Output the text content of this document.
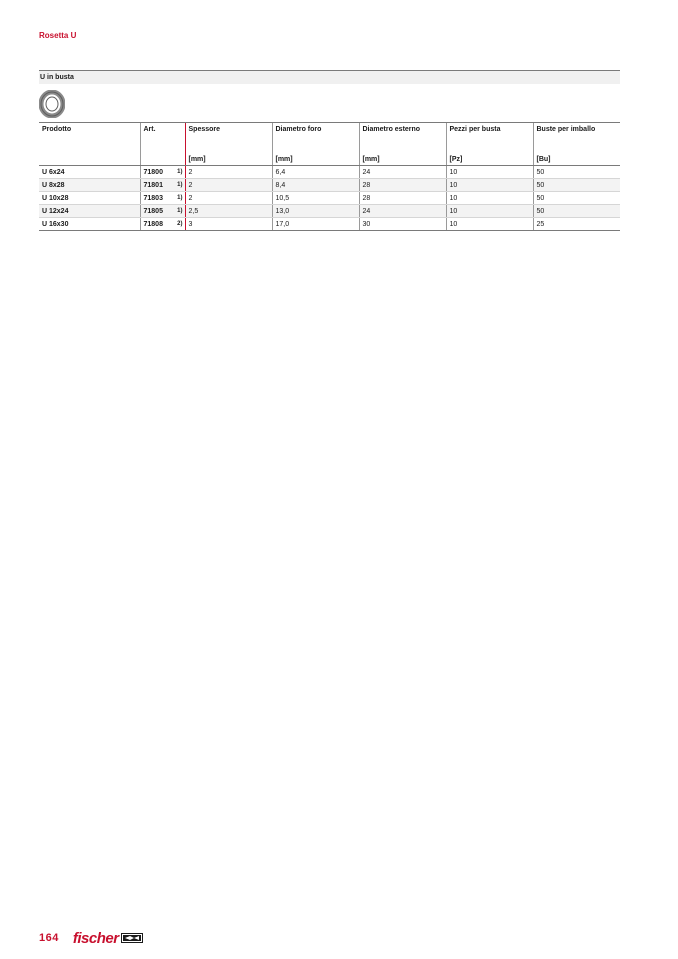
Rosetta U
U in busta
Prodotto	Art.	Spessore	Diametro foro	Diametro esterno	Pezzi per busta	Buste per imballo
		[mm]	[mm]	[mm]	[Pz]	[Bu]
U 6x24	71800 1)	2	6,4	24	10	50
U 8x28	71801 1)	2	8,4	28	10	50
U 10x28	71803 1)	2	10,5	28	10	50
U 12x24	71805 1)	2,5	13,0	24	10	50
U 16x30	71808 2)	3	17,0	30	10	25
164 fischer
